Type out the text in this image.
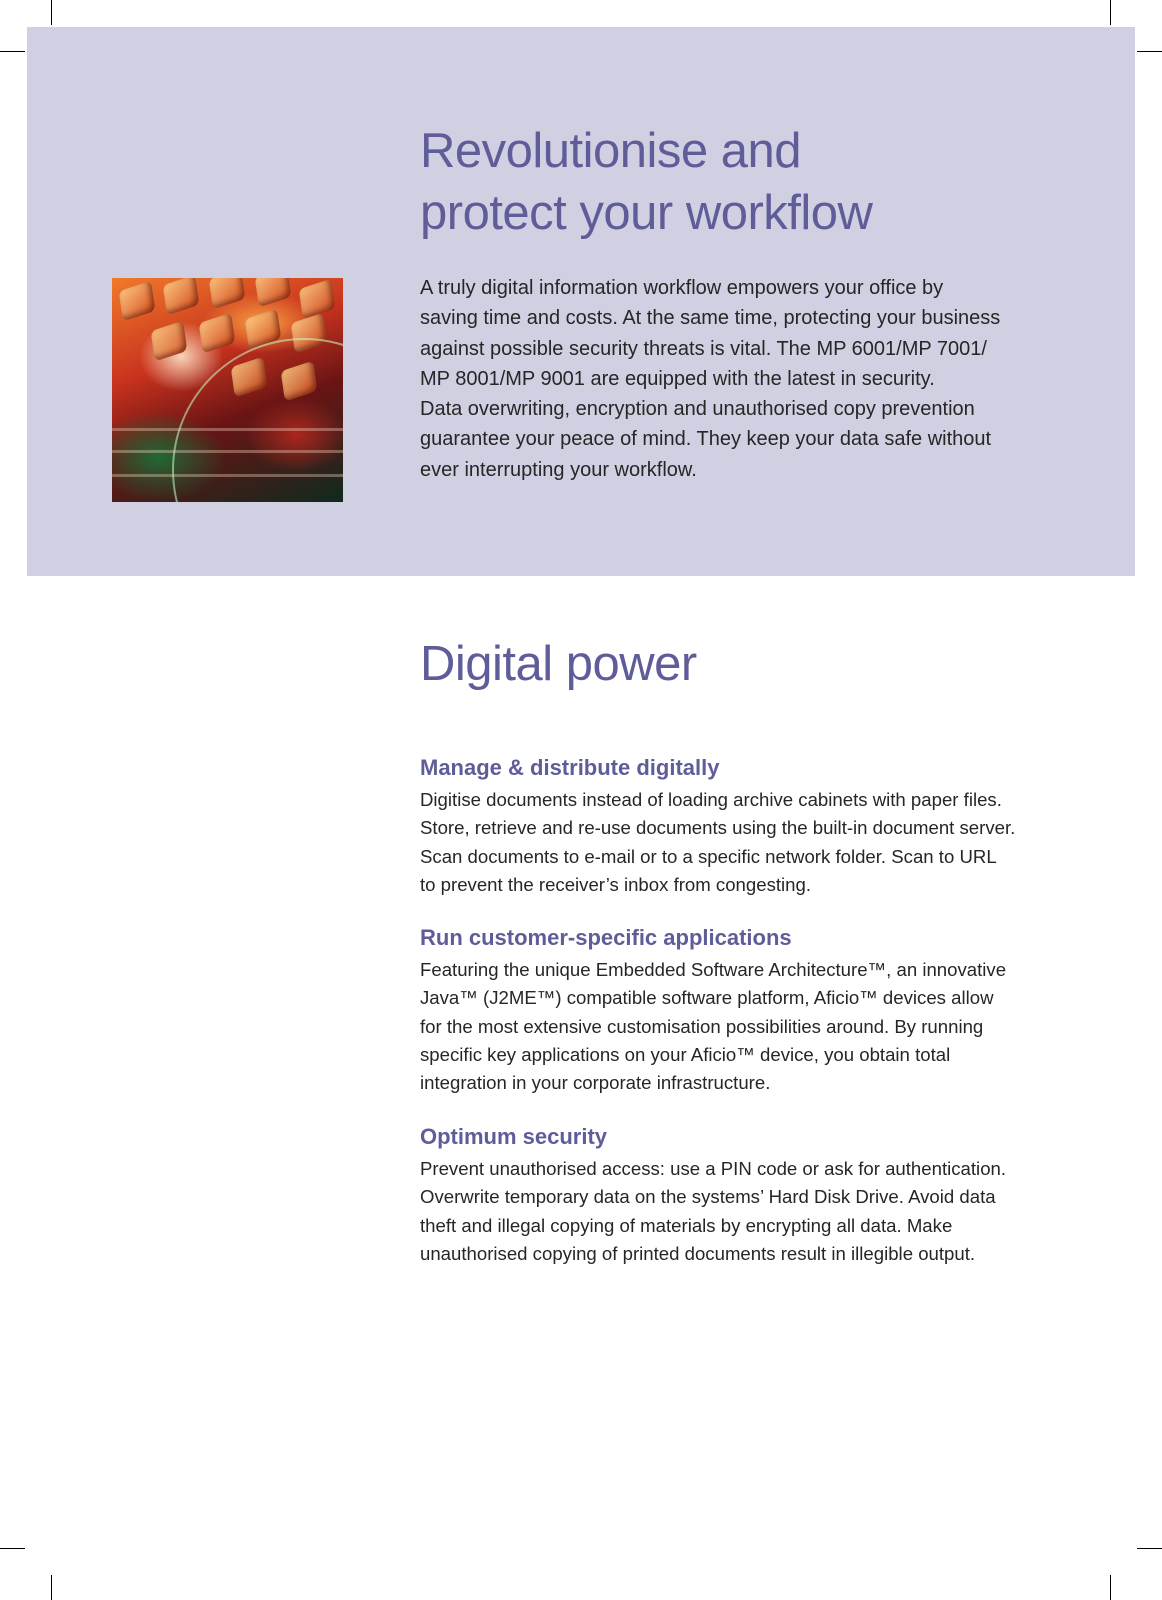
Revolutionise and
protect your workflow
A truly digital information workflow empowers your office by
saving time and costs. At the same time, protecting your business
against possible security threats is vital. The MP 6001/MP 7001/
MP 8001/MP 9001 are equipped with the latest in security.
Data overwriting, encryption and unauthorised copy prevention
guarantee your peace of mind. They keep your data safe without
ever interrupting your workflow.
Digital power
Manage & distribute digitally

Digitise documents instead of loading archive cabinets with paper files.
Store, retrieve and re-use documents using the built-in document server.
Scan documents to e-mail or to a specific network folder. Scan to URL
to prevent the receiver’s inbox from congesting.

Run customer-specific applications

Featuring the unique Embedded Software Architecture™, an innovative
Java™ (J2ME™) compatible software platform, Aficio™ devices allow
for the most extensive customisation possibilities around. By running
specific key applications on your Aficio™ device, you obtain total
integration in your corporate infrastructure.

Optimum security

Prevent unauthorised access: use a PIN code or ask for authentication.
Overwrite temporary data on the systems’ Hard Disk Drive. Avoid data
theft and illegal copying of materials by encrypting all data. Make
unauthorised copying of printed documents result in illegible output.
